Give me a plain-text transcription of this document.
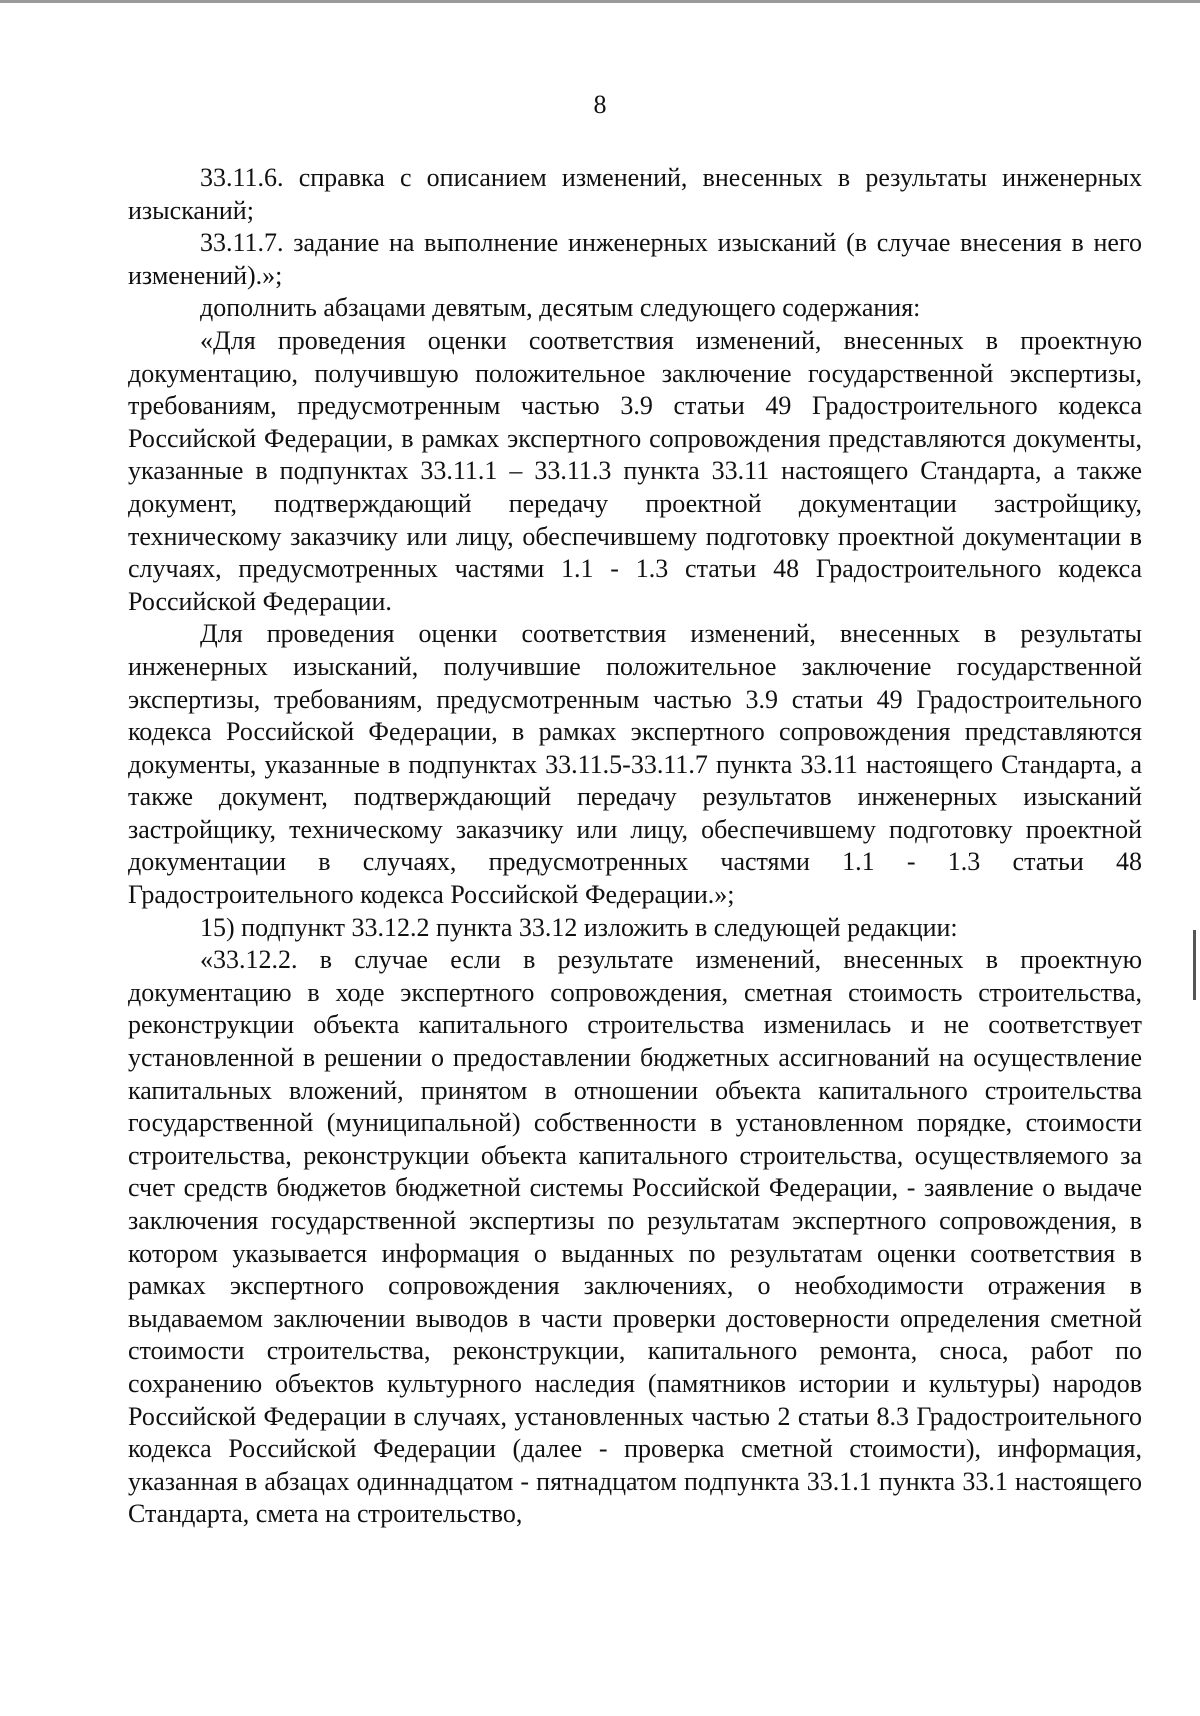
8

33.11.6. справка с описанием изменений, внесенных в результаты инженерных изысканий;

33.11.7. задание на выполнение инженерных изысканий (в случае внесения в него изменений).»;

дополнить абзацами девятым, десятым следующего содержания:

«Для проведения оценки соответствия изменений, внесенных в проектную документацию, получившую положительное заключение государственной экспертизы, требованиям, предусмотренным частью 3.9 статьи 49 Градостроительного кодекса Российской Федерации, в рамках экспертного сопровождения представляются документы, указанные в подпунктах 33.11.1 – 33.11.3 пункта 33.11 настоящего Стандарта, а также документ, подтверждающий передачу проектной документации застройщику, техническому заказчику или лицу, обеспечившему подготовку проектной документации в случаях, предусмотренных частями 1.1 - 1.3 статьи 48 Градостроительного кодекса Российской Федерации.

Для проведения оценки соответствия изменений, внесенных в результаты инженерных изысканий, получившие положительное заключение государственной экспертизы, требованиям, предусмотренным частью 3.9 статьи 49 Градостроительного кодекса Российской Федерации, в рамках экспертного сопровождения представляются документы, указанные в подпунктах 33.11.5-33.11.7 пункта 33.11 настоящего Стандарта, а также документ, подтверждающий передачу результатов инженерных изысканий застройщику, техническому заказчику или лицу, обеспечившему подготовку проектной документации в случаях, предусмотренных частями 1.1 - 1.3 статьи 48 Градостроительного кодекса Российской Федерации.»;

15) подпункт 33.12.2 пункта 33.12 изложить в следующей редакции:

«33.12.2. в случае если в результате изменений, внесенных в проектную документацию в ходе экспертного сопровождения, сметная стоимость строительства, реконструкции объекта капитального строительства изменилась и не соответствует установленной в решении о предоставлении бюджетных ассигнований на осуществление капитальных вложений, принятом в отношении объекта капитального строительства государственной (муниципальной) собственности в установленном порядке, стоимости строительства, реконструкции объекта капитального строительства, осуществляемого за счет средств бюджетов бюджетной системы Российской Федерации, - заявление о выдаче заключения государственной экспертизы по результатам экспертного сопровождения, в котором указывается информация о выданных по результатам оценки соответствия в рамках экспертного сопровождения заключениях, о необходимости отражения в выдаваемом заключении выводов в части проверки достоверности определения сметной стоимости строительства, реконструкции, капитального ремонта, сноса, работ по сохранению объектов культурного наследия (памятников истории и культуры) народов Российской Федерации в случаях, установленных частью 2 статьи 8.3 Градостроительного кодекса Российской Федерации (далее - проверка сметной стоимости), информация, указанная в абзацах одиннадцатом - пятнадцатом подпункта 33.1.1 пункта 33.1 настоящего Стандарта, смета на строительство,
